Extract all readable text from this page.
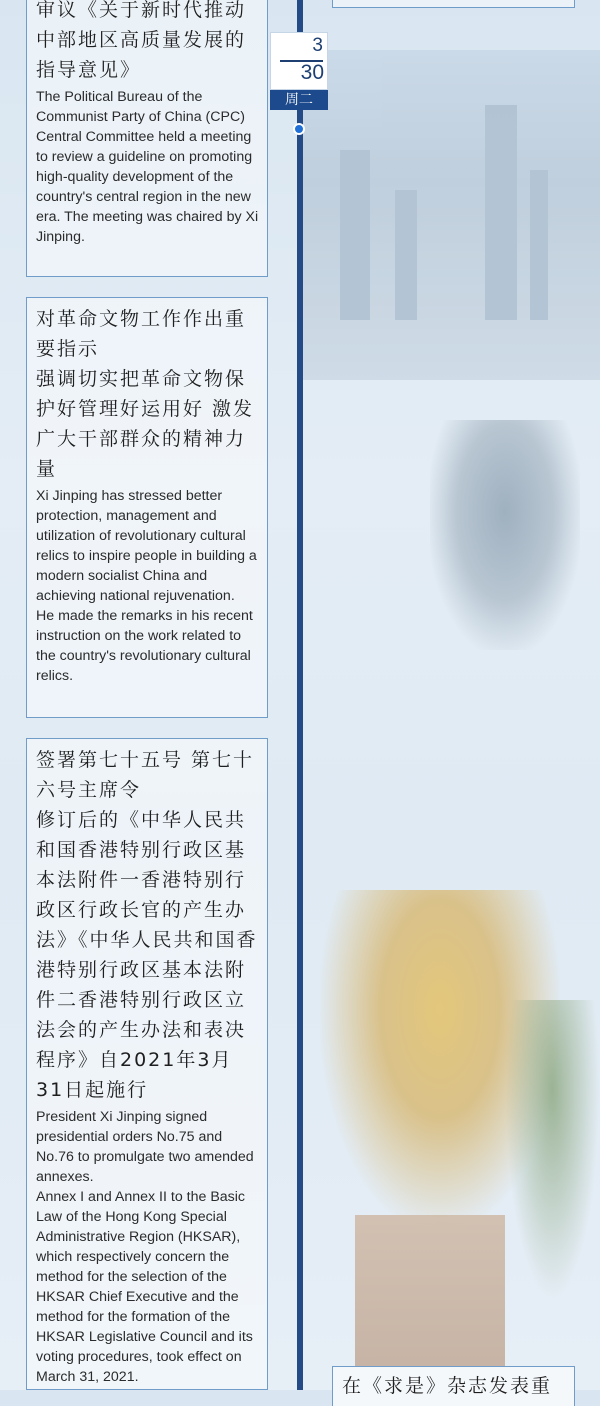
3
30
周二

审议《关于新时代推动中部地区高质量发展的指导意见》

The Political Bureau of the Communist Party of China (CPC) Central Committee held a meeting to review a guideline on promoting high-quality development of the country's central region in the new era. The meeting was chaired by Xi Jinping.

对革命文物工作作出重要指示
强调切实把革命文物保护好管理好运用好 激发广大干部群众的精神力量

Xi Jinping has stressed better protection, management and utilization of revolutionary cultural relics to inspire people in building a modern socialist China and achieving national rejuvenation.
He made the remarks in his recent instruction on the work related to the country's revolutionary cultural relics.

签署第七十五号 第七十六号主席令
修订后的《中华人民共和国香港特别行政区基本法附件一香港特别行政区行政长官的产生办法》《中华人民共和国香港特别行政区基本法附件二香港特别行政区立法会的产生办法和表决程序》自2021年3月31日起施行

President Xi Jinping signed presidential orders No.75 and No.76 to promulgate two amended annexes.
Annex I and Annex II to the Basic Law of the Hong Kong Special Administrative Region (HKSAR), which respectively concern the method for the selection of the HKSAR Chief Executive and the method for the formation of the HKSAR Legislative Council and its voting procedures, took effect on March 31, 2021.	在《求是》杂志发表重
